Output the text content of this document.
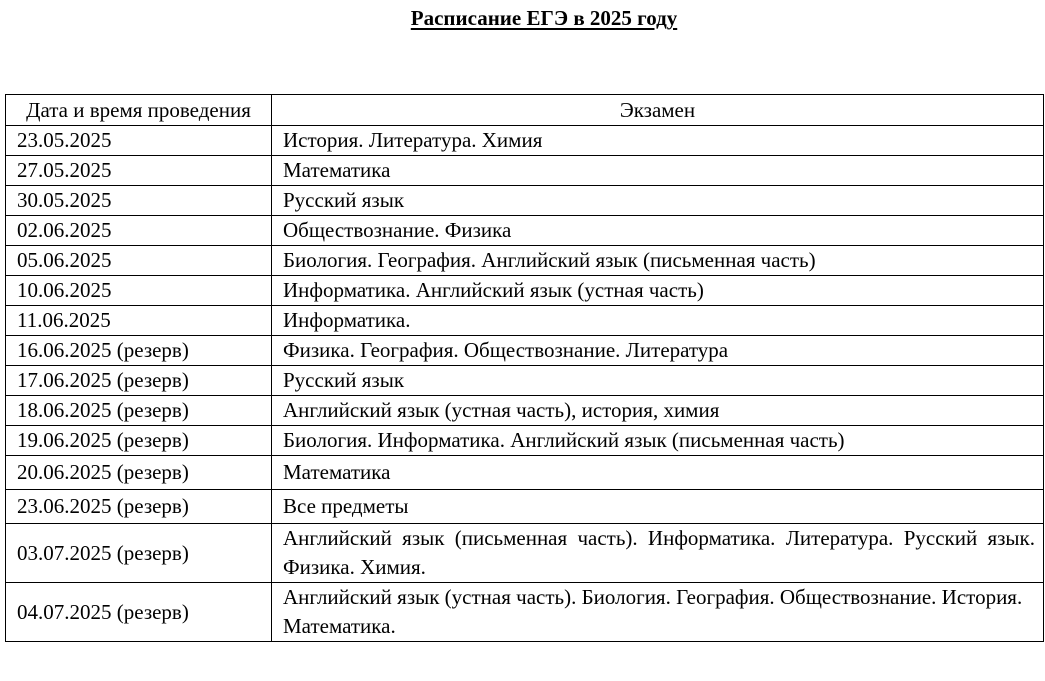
Расписание ЕГЭ в 2025 году
Дата и время проведения	Экзамен
23.05.2025	История. Литература. Химия
27.05.2025	Математика
30.05.2025	Русский язык
02.06.2025	Обществознание. Физика
05.06.2025	Биология. География. Английский язык (письменная часть)
10.06.2025	Информатика. Английский язык (устная часть)
11.06.2025	Информатика.
16.06.2025 (резерв)	Физика. География. Обществознание. Литература
17.06.2025 (резерв)	Русский язык
18.06.2025 (резерв)	Английский язык (устная часть), история, химия
19.06.2025 (резерв)	Биология. Информатика. Английский язык (письменная часть)
20.06.2025 (резерв)	Математика
23.06.2025 (резерв)	Все предметы
03.07.2025 (резерв)	Английский язык (письменная часть). Информатика. Литература. Русский язык. Физика. Химия.
04.07.2025 (резерв)	Английский язык (устная часть). Биология. География. Обществознание. История. Математика.
